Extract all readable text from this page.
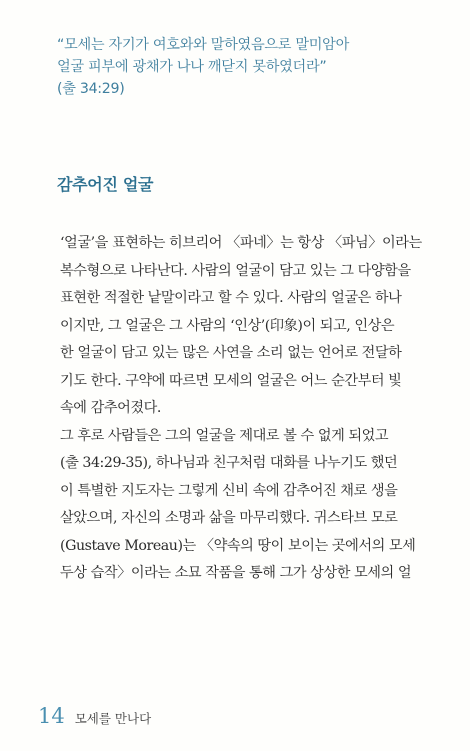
“모세는 자기가 여호와와 말하였음으로 말미암아
얼굴 피부에 광채가 나나 깨닫지 못하였더라”
(출 34:29)
감추어진 얼굴
‘얼굴’을 표현하는 히브리어 〈파네〉는 항상 〈파님〉이라는
복수형으로 나타난다. 사람의 얼굴이 담고 있는 그 다양함을
표현한 적절한 낱말이라고 할 수 있다. 사람의 얼굴은 하나
이지만, 그 얼굴은 그 사람의 ‘인상’(印象)이 되고, 인상은
한 얼굴이 담고 있는 많은 사연을 소리 없는 언어로 전달하
기도 한다. 구약에 따르면 모세의 얼굴은 어느 순간부터 빛
속에 감추어졌다.
그 후로 사람들은 그의 얼굴을 제대로 볼 수 없게 되었고
(출 34:29-35), 하나님과 친구처럼 대화를 나누기도 했던
이 특별한 지도자는 그렇게 신비 속에 감추어진 채로 생을
살았으며, 자신의 소명과 삶을 마무리했다. 귀스타브 모로
(Gustave Moreau)는 〈약속의 땅이 보이는 곳에서의 모세
두상 습작〉이라는 소묘 작품을 통해 그가 상상한 모세의 얼
14 모세를 만나다
